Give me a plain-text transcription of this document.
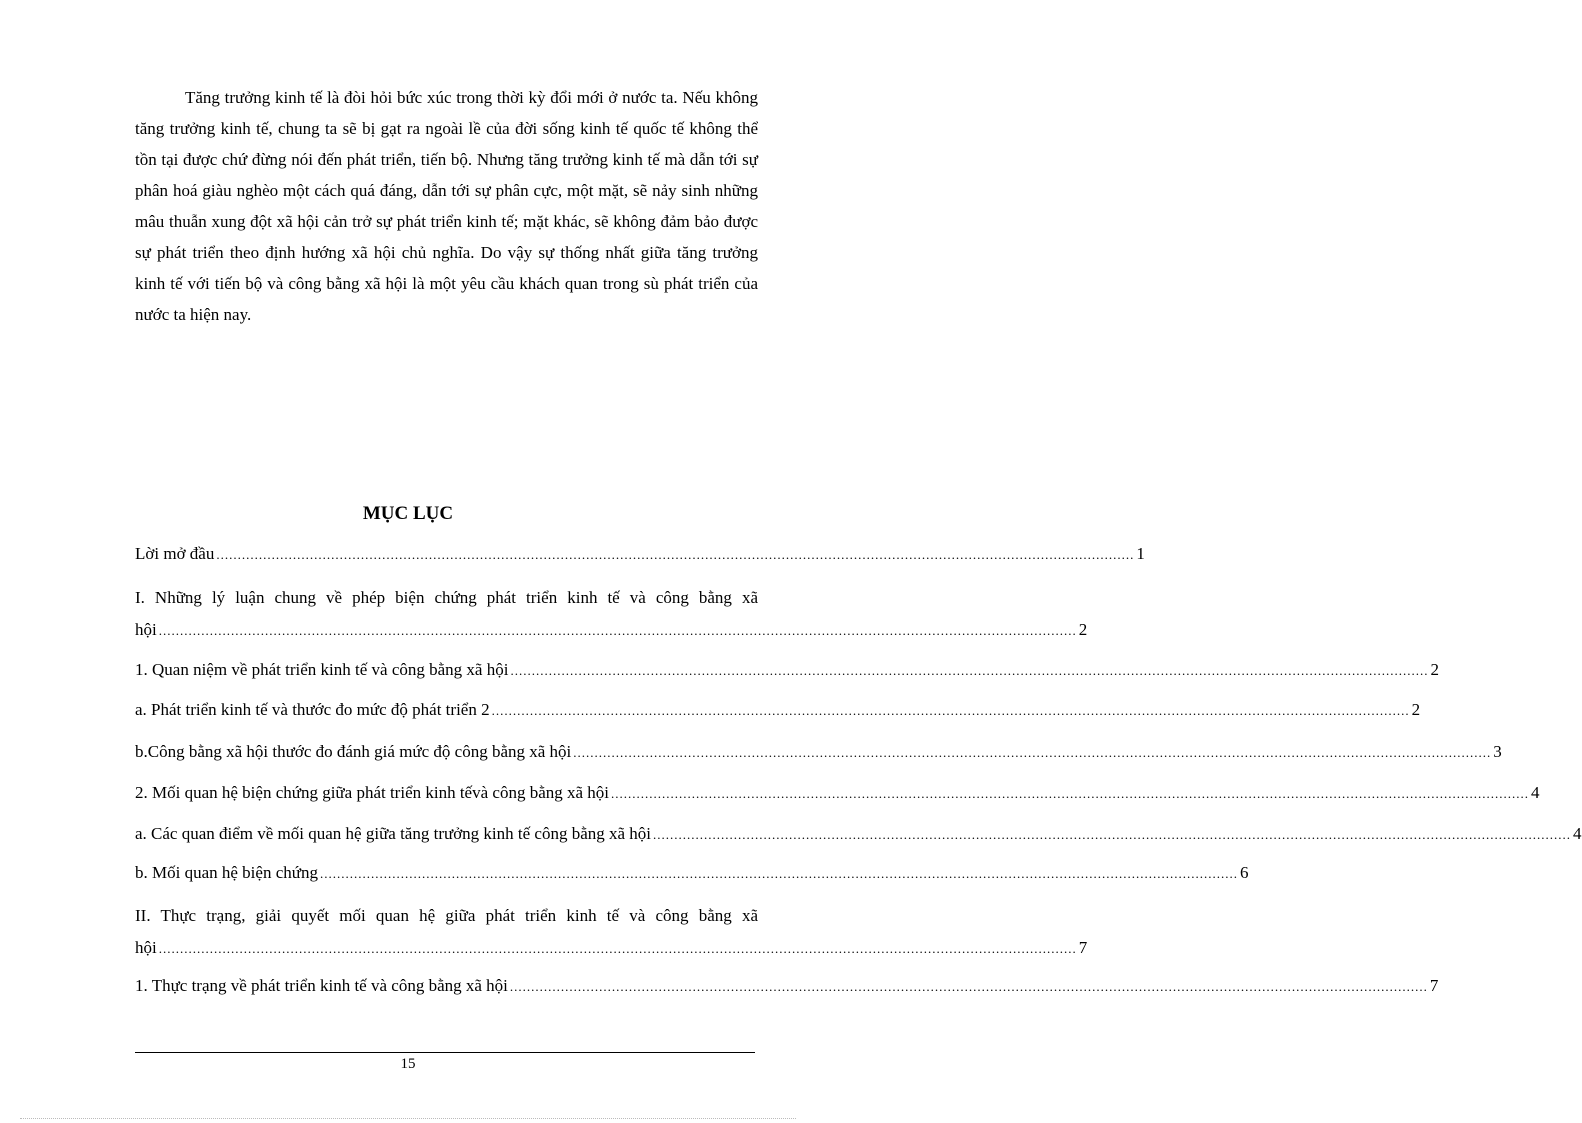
Tăng trưởng kinh tế là đòi hỏi bức xúc trong thời kỳ đổi mới ở nước ta. Nếu không tăng trưởng kinh tế, chung ta sẽ bị gạt ra ngoài lề của đời sống kinh tế quốc tế không thể tồn tại được chứ đừng nói đến phát triển, tiến bộ. Nhưng tăng trưởng kinh tế mà dẫn tới sự phân hoá giàu nghèo một cách quá đáng, dẫn tới sự phân cực, một mặt, sẽ nảy sinh những mâu thuẫn xung đột xã hội cản trở sự phát triển kinh tế; mặt khác, sẽ không đảm bảo được sự phát triển theo định hướng xã hội chủ nghĩa. Do vậy sự thống nhất giữa tăng trưởng kinh tế với tiến bộ và công bằng xã hội là một yêu cầu khách quan trong sù phát triển của nước ta hiện nay.

MỤC LỤC
Lời mở đầu ........................................................................................................................................................................................................................ 1
I. Những lý luận chung về phép biện chứng phát triển kinh tế và công bằng xã
hội ........................................................................................................................................................................................................................ 2
1. Quan niệm về phát triển kinh tế và công bằng xã hội ........................................................................................................................................................................................................................ 2
a. Phát triển kinh tế và thước đo mức độ phát triển 2 ........................................................................................................................................................................................................................ 2
b.Công bằng xã hội thước đo đánh giá mức độ công bằng xã hội ........................................................................................................................................................................................................................ 3
2. Mối quan hệ biện chứng giữa phát triển kinh tếvà công bằng xã hội ........................................................................................................................................................................................................................ 4
a. Các quan điểm về mối quan hệ giữa tăng trưởng kinh tế công bằng xã hội ........................................................................................................................................................................................................................ 4
b. Mối quan hệ biện chứng ........................................................................................................................................................................................................................ 6
II. Thực trạng, giải quyết mối quan hệ giữa phát triển kinh tế và công bằng xã
hội ........................................................................................................................................................................................................................ 7
1. Thực trạng về phát triển kinh tế và công bằng xã hội ........................................................................................................................................................................................................................ 7
15
